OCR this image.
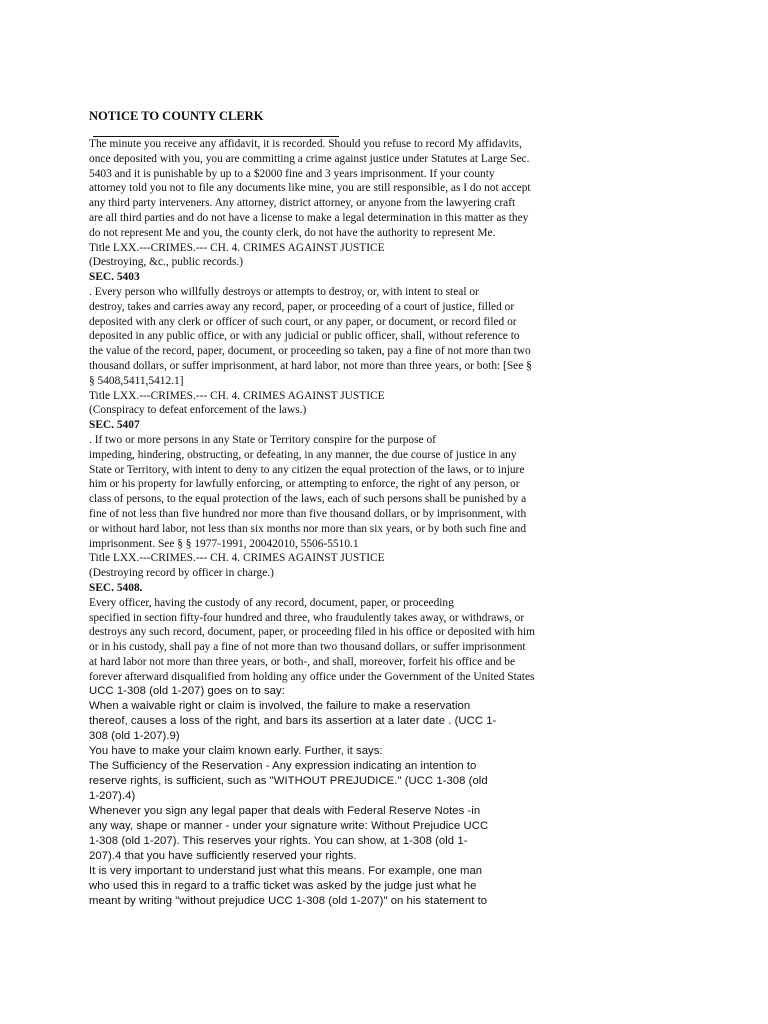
NOTICE TO COUNTY CLERK
The minute you receive any affidavit, it is recorded. Should you refuse to record My affidavits,
once deposited with you, you are committing a crime against justice under Statutes at Large Sec.
5403 and it is punishable by up to a $2000 fine and 3 years imprisonment. If your county
attorney told you not to file any documents like mine, you are still responsible, as I do not accept
any third party interveners. Any attorney, district attorney, or anyone from the lawyering craft
are all third parties and do not have a license to make a legal determination in this matter as they
do not represent Me and you, the county clerk, do not have the authority to represent Me.
Title LXX.---CRIMES.--- CH. 4. CRIMES AGAINST JUSTICE
(Destroying, &c., public records.)
SEC. 5403
. Every person who willfully destroys or attempts to destroy, or, with intent to steal or
destroy, takes and carries away any record, paper, or proceeding of a court of justice, filled or
deposited with any clerk or officer of such court, or any paper, or document, or record filed or
deposited in any public office, or with any judicial or public officer, shall, without reference to
the value of the record, paper, document, or proceeding so taken, pay a fine of not more than two
thousand dollars, or suffer imprisonment, at hard labor, not more than three years, or both: [See §
§ 5408,5411,5412.1]
Title LXX.---CRIMES.--- CH. 4. CRIMES AGAINST JUSTICE
(Conspiracy to defeat enforcement of the laws.)
SEC. 5407
. If two or more persons in any State or Territory conspire for the purpose of
impeding, hindering, obstructing, or defeating, in any manner, the due course of justice in any
State or Territory, with intent to deny to any citizen the equal protection of the laws, or to injure
him or his property for lawfully enforcing, or attempting to enforce, the right of any person, or
class of persons, to the equal protection of the laws, each of such persons shall be punished by a
fine of not less than five hundred nor more than five thousand dollars, or by imprisonment, with
or without hard labor, not less than six months nor more than six years, or by both such fine and
imprisonment. See § § 1977-1991, 20042010, 5506-5510.1
Title LXX.---CRIMES.--- CH. 4. CRIMES AGAINST JUSTICE
(Destroying record by officer in charge.)
SEC. 5408.
Every officer, having the custody of any record, document, paper, or proceeding
specified in section fifty-four hundred and three, who fraudulently takes away, or withdraws, or
destroys any such record, document, paper, or proceeding filed in his office or deposited with him
or in his custody, shall pay a fine of not more than two thousand dollars, or suffer imprisonment
at hard labor not more than three years, or both-, and shall, moreover, forfeit his office and be
forever afterward disqualified from holding any office under the Government of the United States
UCC 1-308 (old 1-207) goes on to say:
When a waivable right or claim is involved, the failure to make a reservation
thereof, causes a loss of the right, and bars its assertion at a later date . (UCC 1-
308 (old 1-207).9)
You have to make your claim known early. Further, it says:
The Sufficiency of the Reservation - Any expression indicating an intention to
reserve rights, is sufficient, such as "WITHOUT PREJUDICE." (UCC 1-308 (old
1-207).4)
Whenever you sign any legal paper that deals with Federal Reserve Notes -in
any way, shape or manner - under your signature write: Without Prejudice UCC
1-308 (old 1-207). This reserves your rights. You can show, at 1-308 (old 1-
207).4 that you have sufficiently reserved your rights.
It is very important to understand just what this means. For example, one man
who used this in regard to a traffic ticket was asked by the judge just what he
meant by writing "without prejudice UCC 1-308 (old 1-207)" on his statement to
